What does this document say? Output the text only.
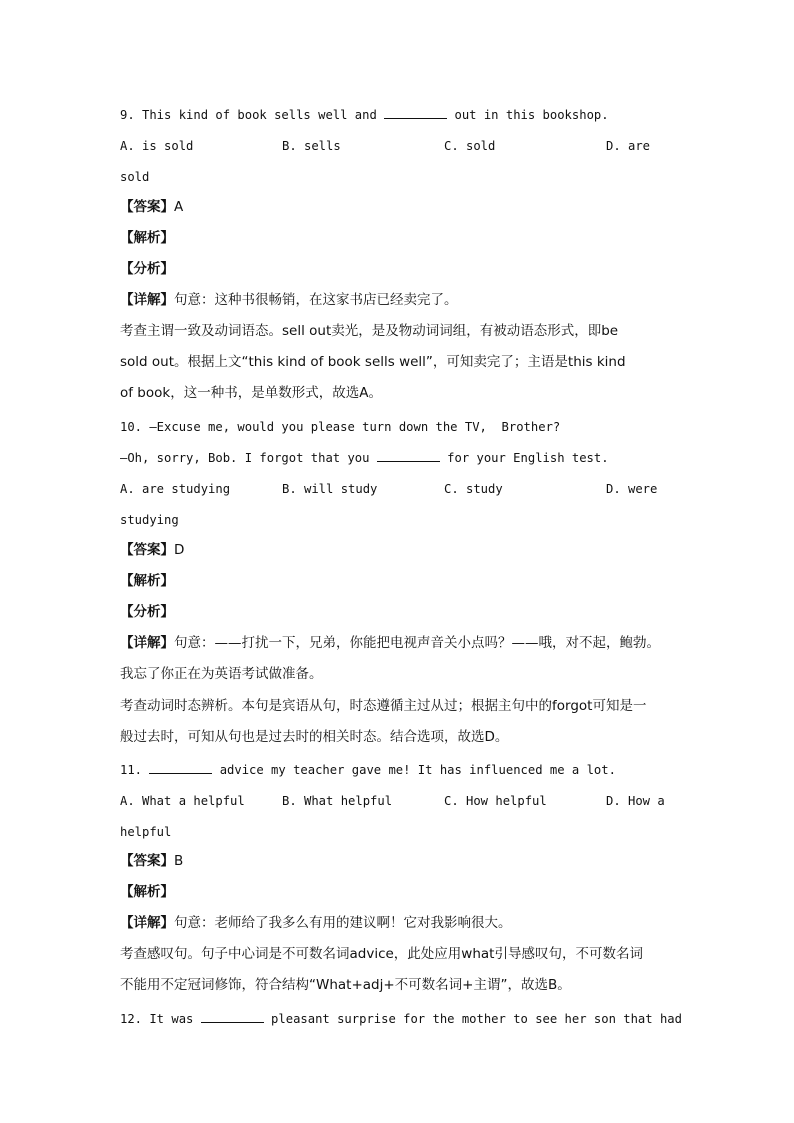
9. This kind of book sells well and	out in this bookshop.
A. is sold	B. sells	C. sold	D. are
sold
【答案】A
【解析】
【分析】
【详解】句意：这种书很畅销，在这家书店已经卖完了。
考查主谓一致及动词语态。sell out卖光，是及物动词词组，有被动语态形式，即be
sold out。根据上文“this kind of book sells well”，可知卖完了；主语是this kind
of book，这一种书，是单数形式，故选A。
10. —Excuse me, would you please turn down the TV,  Brother?
—Oh, sorry, Bob. I forgot that you	for your English test.
A. are studying	B. will study	C. study	D. were
studying
【答案】D
【解析】
【分析】
【详解】句意：——打扰一下，兄弟，你能把电视声音关小点吗？——哦，对不起，鲍勃。
我忘了你正在为英语考试做准备。
考查动词时态辨析。本句是宾语从句，时态遵循主过从过；根据主句中的forgot可知是一
般过去时，可知从句也是过去时的相关时态。结合选项，故选D。
11.	advice my teacher gave me! It has influenced me a lot.
A. What a helpful	B. What helpful	C. How helpful	D. How a
helpful
【答案】B
【解析】
【详解】句意：老师给了我多么有用的建议啊！它对我影响很大。
考查感叹句。句子中心词是不可数名词advice，此处应用what引导感叹句，不可数名词
不能用不定冠词修饰，符合结构“What+adj+不可数名词+主谓”，故选B。
12. It was	pleasant surprise for the mother to see her son that had
